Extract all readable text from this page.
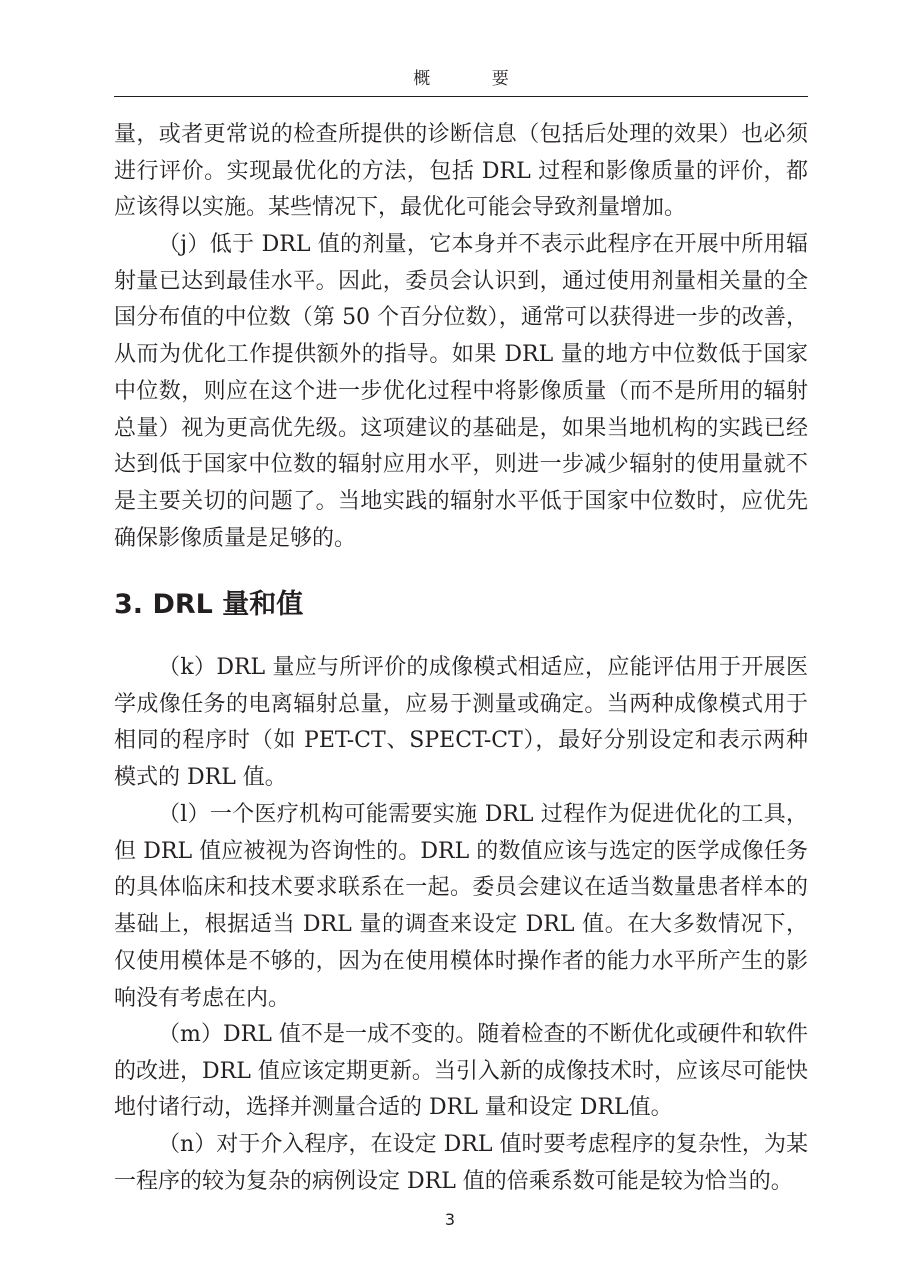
概 要

量，或者更常说的检查所提供的诊断信息（包括后处理的效果）也必须进行评价。实现最优化的方法，包括 DRL 过程和影像质量的评价，都应该得以实施。某些情况下，最优化可能会导致剂量增加。

（j）低于 DRL 值的剂量，它本身并不表示此程序在开展中所用辐射量已达到最佳水平。因此，委员会认识到，通过使用剂量相关量的全国分布值的中位数（第 50 个百分位数），通常可以获得进一步的改善，从而为优化工作提供额外的指导。如果 DRL 量的地方中位数低于国家中位数，则应在这个进一步优化过程中将影像质量（而不是所用的辐射总量）视为更高优先级。这项建议的基础是，如果当地机构的实践已经达到低于国家中位数的辐射应用水平，则进一步减少辐射的使用量就不是主要关切的问题了。当地实践的辐射水平低于国家中位数时，应优先确保影像质量是足够的。

3. DRL 量和值

（k）DRL 量应与所评价的成像模式相适应，应能评估用于开展医学成像任务的电离辐射总量，应易于测量或确定。当两种成像模式用于相同的程序时（如 PET-CT、SPECT-CT），最好分别设定和表示两种模式的 DRL 值。

（l）一个医疗机构可能需要实施 DRL 过程作为促进优化的工具，但 DRL 值应被视为咨询性的。DRL 的数值应该与选定的医学成像任务的具体临床和技术要求联系在一起。委员会建议在适当数量患者样本的基础上，根据适当 DRL 量的调查来设定 DRL 值。在大多数情况下，仅使用模体是不够的，因为在使用模体时操作者的能力水平所产生的影响没有考虑在内。

（m）DRL 值不是一成不变的。随着检查的不断优化或硬件和软件的改进，DRL 值应该定期更新。当引入新的成像技术时，应该尽可能快地付诸行动，选择并测量合适的 DRL 量和设定 DRL值。

（n）对于介入程序，在设定 DRL 值时要考虑程序的复杂性，为某一程序的较为复杂的病例设定 DRL 值的倍乘系数可能是较为恰当的。

3
